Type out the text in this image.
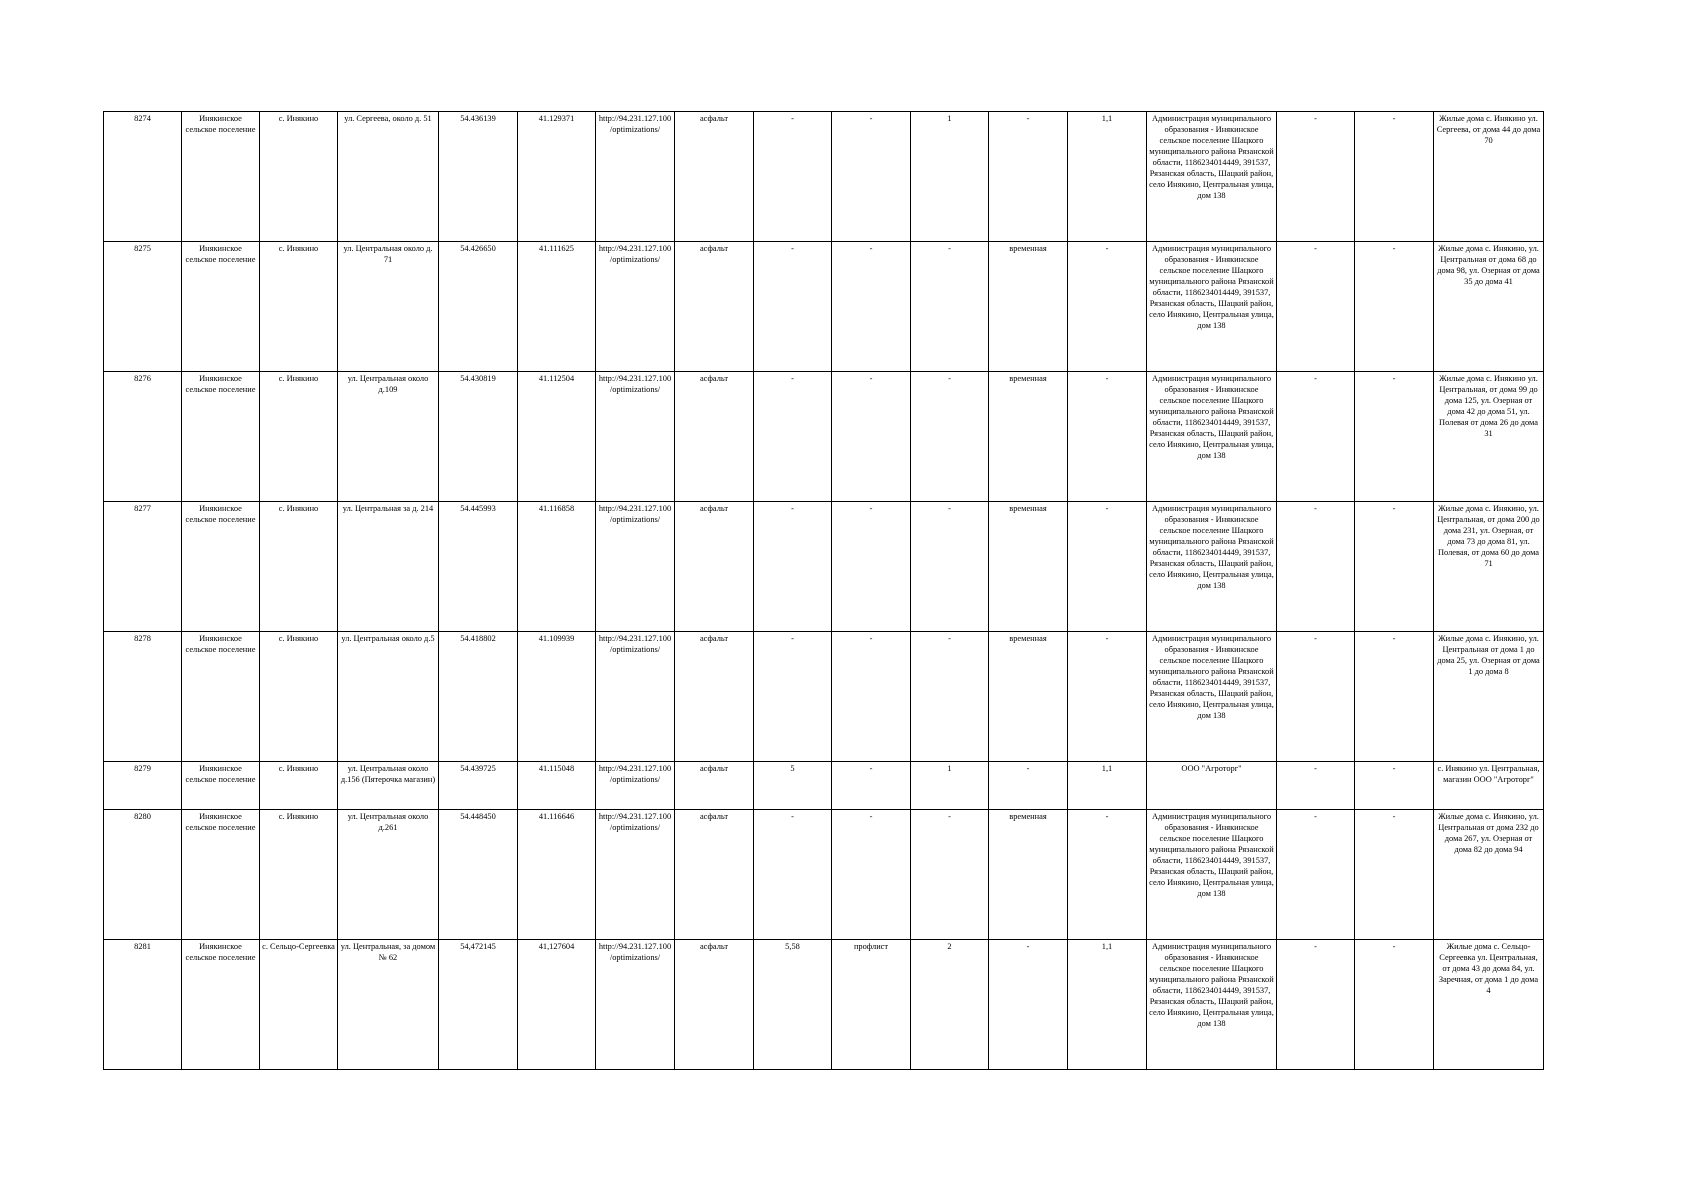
8274	Инякинское сельское поселение	с. Инякино	ул. Сергеева, около д. 51	54.436139	41.129371	http://94.231.127.100/optimizations/	асфальт	-	-	1	-	1,1	Администрация муниципального образования - Инякинское сельское поселение Шацкого муниципального района Рязанской области, 1186234014449, 391537, Рязанская область, Шацкий район, село Инякино, Центральная улица, дом 138	-	-	Жилые дома с. Инякино ул. Сергеева, от дома 44 до дома 70
8275	Инякинское сельское поселение	с. Инякино	ул. Центральная около д. 71	54.426650	41.111625	http://94.231.127.100/optimizations/	асфальт	-	-	-	временная	-	Администрация муниципального образования - Инякинское сельское поселение Шацкого муниципального района Рязанской области, 1186234014449, 391537, Рязанская область, Шацкий район, село Инякино, Центральная улица, дом 138	-	-	Жилые дома с. Инякино, ул. Центральная от дома 68 до дома 98, ул. Озерная от дома 35 до дома 41
8276	Инякинское сельское поселение	с. Инякино	ул. Центральная около д.109	54.430819	41.112504	http://94.231.127.100/optimizations/	асфальт	-	-	-	временная	-	Администрация муниципального образования - Инякинское сельское поселение Шацкого муниципального района Рязанской области, 1186234014449, 391537, Рязанская область, Шацкий район, село Инякино, Центральная улица, дом 138	-	-	Жилые дома с. Инякино ул. Центральная, от дома 99 до дома 125, ул. Озерная от дома 42 до дома 51, ул. Полевая от дома 26 до дома 31
8277	Инякинское сельское поселение	с. Инякино	ул. Центральная за д. 214	54.445993	41.116858	http://94.231.127.100/optimizations/	асфальт	-	-	-	временная	-	Администрация муниципального образования - Инякинское сельское поселение Шацкого муниципального района Рязанской области, 1186234014449, 391537, Рязанская область, Шацкий район, село Инякино, Центральная улица, дом 138	-	-	Жилые дома с. Инякино, ул. Центральная, от дома 200 до дома 231, ул. Озерная, от дома 73 до дома 81, ул. Полевая, от дома 60 до дома 71
8278	Инякинское сельское поселение	с. Инякино	ул. Центральная около д.5	54.418802	41.109939	http://94.231.127.100/optimizations/	асфальт	-	-	-	временная	-	Администрация муниципального образования - Инякинское сельское поселение Шацкого муниципального района Рязанской области, 1186234014449, 391537, Рязанская область, Шацкий район, село Инякино, Центральная улица, дом 138	-	-	Жилые дома с. Инякино, ул. Центральная от дома 1 до дома 25, ул. Озерная от дома 1 до дома 8
8279	Инякинское сельское поселение	с. Инякино	ул. Центральная около д.156 (Пятерочка магазин)	54.439725	41.115048	http://94.231.127.100/optimizations/	асфальт	5	-	1	-	1,1	ООО "Агроторг"	-	-	с. Инякино ул. Центральная, магазин ООО "Агроторг"
8280	Инякинское сельское поселение	с. Инякино	ул. Центральная около д.261	54.448450	41.116646	http://94.231.127.100/optimizations/	асфальт	-	-	-	временная	-	Администрация муниципального образования - Инякинское сельское поселение Шацкого муниципального района Рязанской области, 1186234014449, 391537, Рязанская область, Шацкий район, село Инякино, Центральная улица, дом 138	-	-	Жилые дома с. Инякино, ул. Центральная от дома 232 до дома 267, ул. Озерная от дома 82 до дома 94
8281	Инякинское сельское поселение	с. Сельцо-Сергеевка	ул. Центральная, за домом № 62	54,472145	41,127604	http://94.231.127.100/optimizations/	асфальт	5,58	профлист	2	-	1,1	Администрация муниципального образования - Инякинское сельское поселение Шацкого муниципального района Рязанской области, 1186234014449, 391537, Рязанская область, Шацкий район, село Инякино, Центральная улица, дом 138	-	-	Жилые дома с. Сельцо-Сергеевка ул. Центральная, от дома 43 до дома 84, ул. Заречная, от дома 1 до дома 4
